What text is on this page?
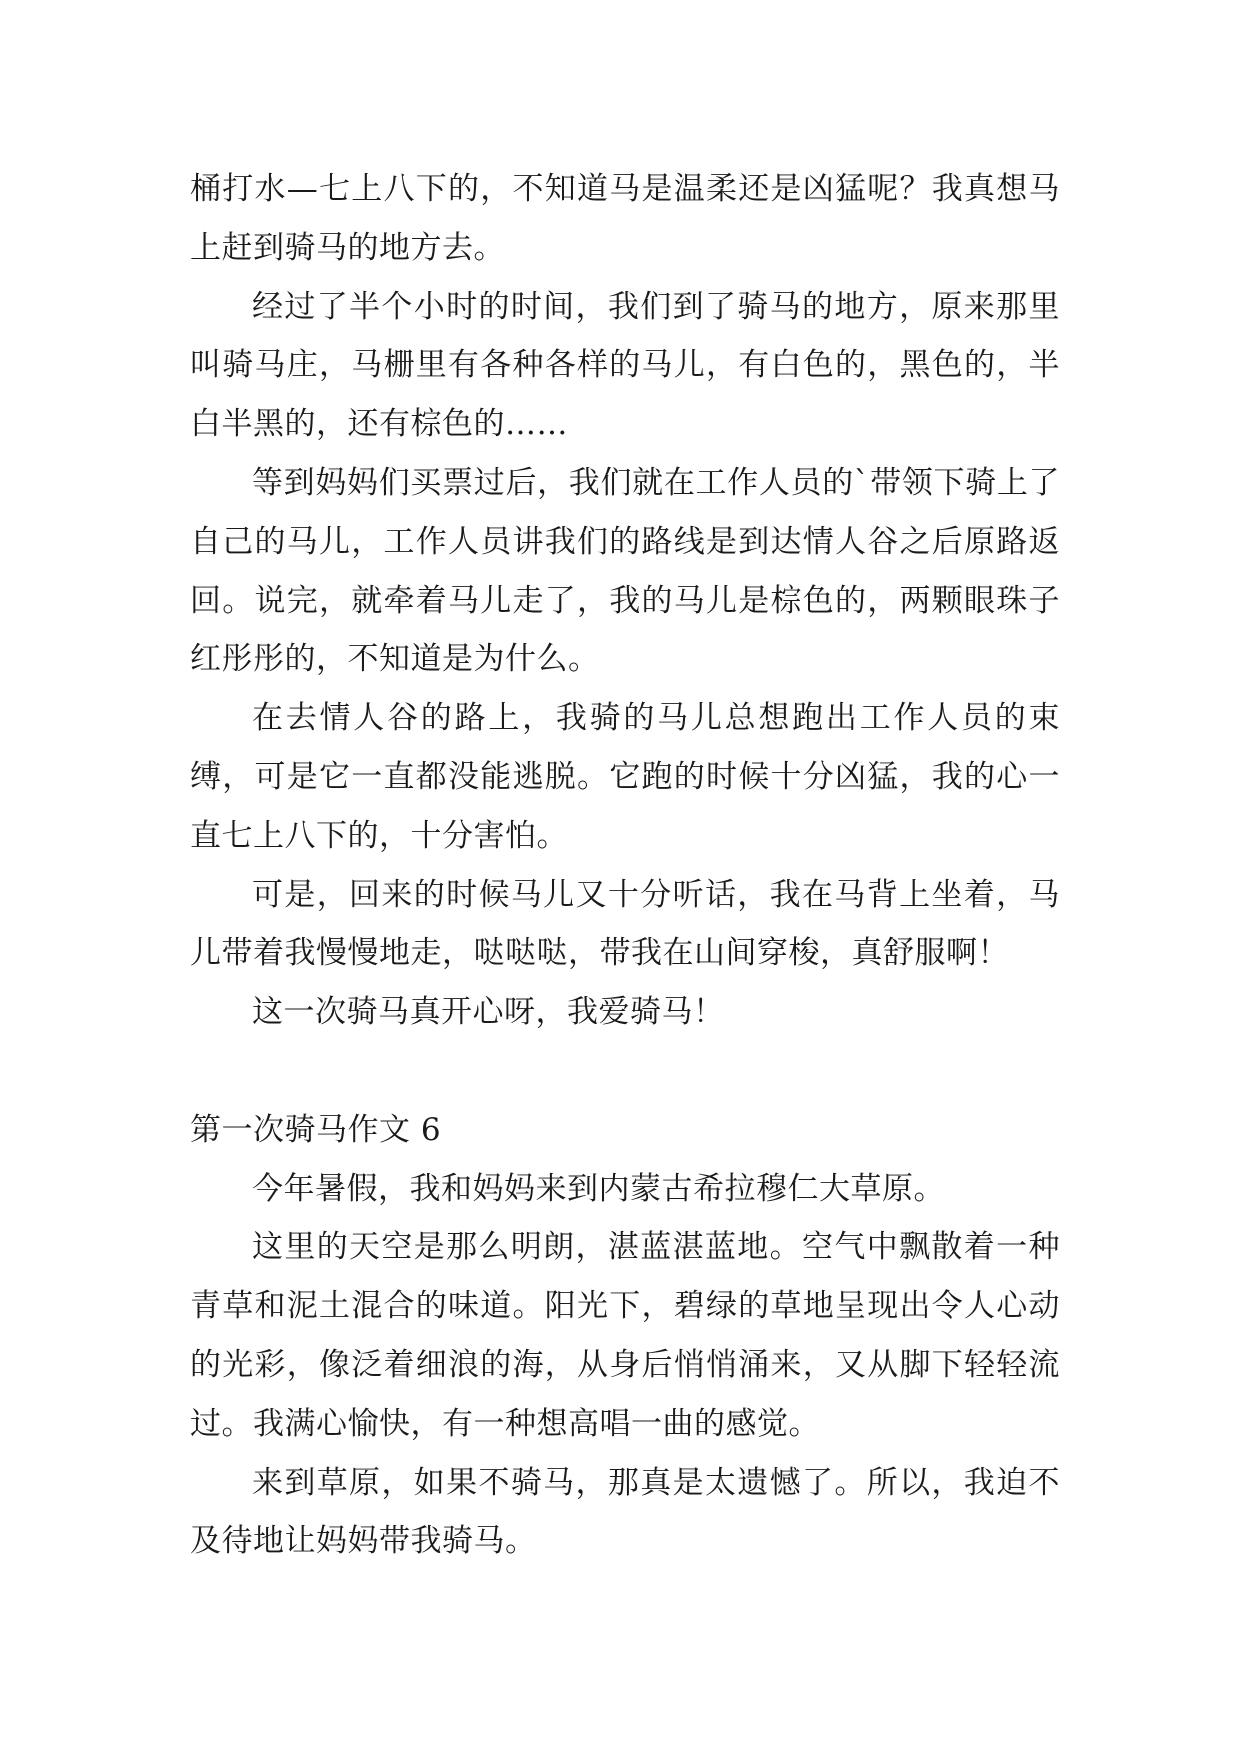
桶打水—七上八下的，不知道马是温柔还是凶猛呢？我真想马上赶到骑马的地方去。

经过了半个小时的时间，我们到了骑马的地方，原来那里叫骑马庄，马栅里有各种各样的马儿，有白色的，黑色的，半白半黑的，还有棕色的……

等到妈妈们买票过后，我们就在工作人员的`带领下骑上了自己的马儿，工作人员讲我们的路线是到达情人谷之后原路返回。说完，就牵着马儿走了，我的马儿是棕色的，两颗眼珠子红彤彤的，不知道是为什么。

在去情人谷的路上，我骑的马儿总想跑出工作人员的束缚，可是它一直都没能逃脱。它跑的时候十分凶猛，我的心一直七上八下的，十分害怕。

可是，回来的时候马儿又十分听话，我在马背上坐着，马儿带着我慢慢地走，哒哒哒，带我在山间穿梭，真舒服啊！

这一次骑马真开心呀，我爱骑马！

第一次骑马作文 6

今年暑假，我和妈妈来到内蒙古希拉穆仁大草原。

这里的天空是那么明朗，湛蓝湛蓝地。空气中飘散着一种青草和泥土混合的味道。阳光下，碧绿的草地呈现出令人心动的光彩，像泛着细浪的海，从身后悄悄涌来，又从脚下轻轻流过。我满心愉快，有一种想高唱一曲的感觉。

来到草原，如果不骑马，那真是太遗憾了。所以，我迫不及待地让妈妈带我骑马。
